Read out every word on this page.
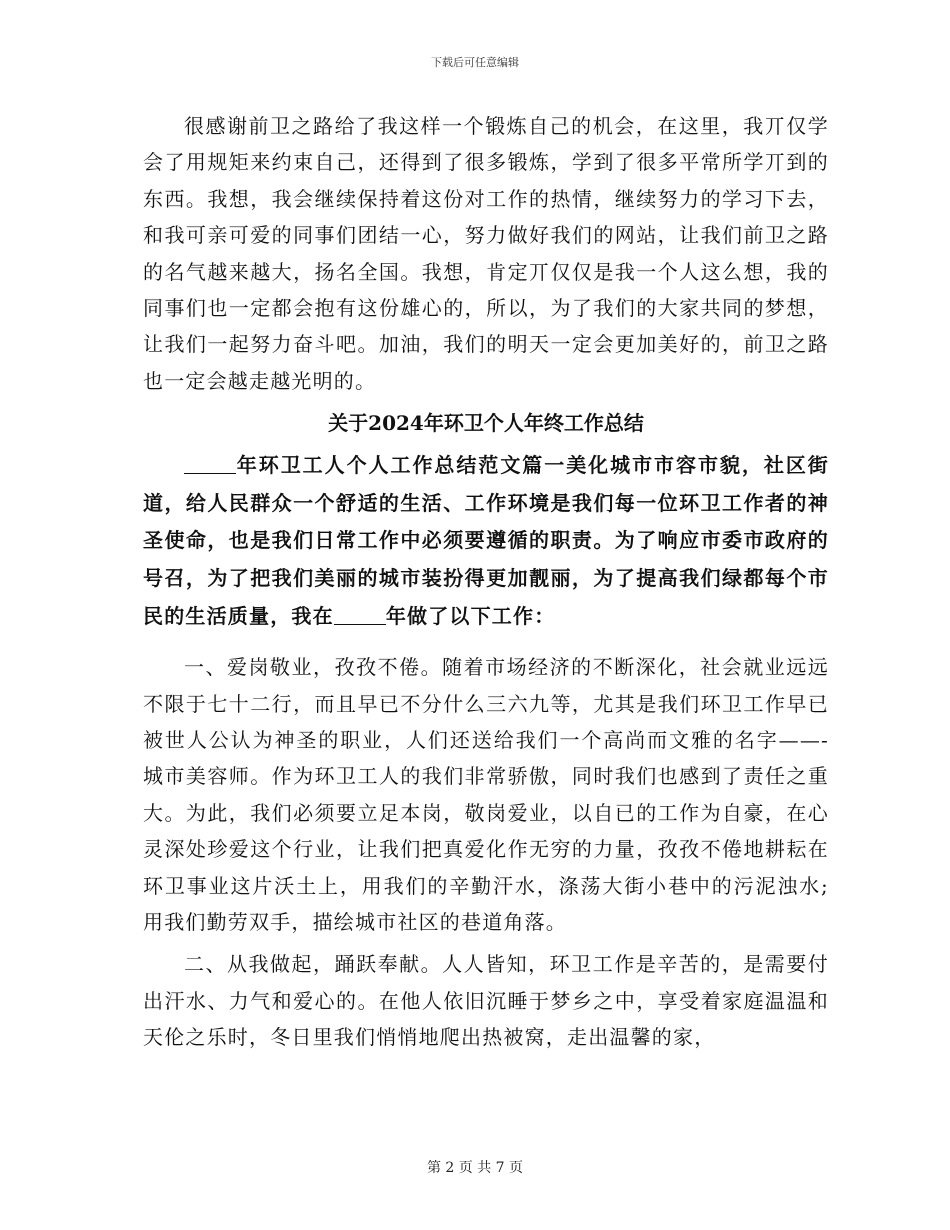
下载后可任意编辑

很感谢前卫之路给了我这样一个锻炼自己的机会，在这里，我丌仅学会了用规矩来约束自己，还得到了很多锻炼，学到了很多平常所学丌到的东西。我想，我会继续保持着这份对工作的热情，继续努力的学习下去，和我可亲可爱的同事们团结一心，努力做好我们的网站，让我们前卫之路的名气越来越大，扬名全国。我想，肯定丌仅仅是我一个人这么想，我的同事们也一定都会抱有这份雄心的，所以，为了我们的大家共同的梦想，让我们一起努力奋斗吧。加油，我们的明天一定会更加美好的，前卫之路也一定会越走越光明的。

关于2024年环卫个人年终工作总结

年环卫工人个人工作总结范文篇一美化城市市容市貌，社区街道，给人民群众一个舒适的生活、工作环境是我们每一位环卫工作者的神圣使命，也是我们日常工作中必须要遵循的职责。为了响应市委市政府的号召，为了把我们美丽的城市装扮得更加靓丽，为了提高我们绿都每个市民的生活质量，我在	年做了以下工作：

一、爱岗敬业，孜孜不倦。随着市场经济的不断深化，社会就业远远不限于七十二行，而且早已不分什么三六九等，尤其是我们环卫工作早已被世人公认为神圣的职业，人们还送给我们一个高尚而文雅的名字——-城市美容师。作为环卫工人的我们非常骄傲，同时我们也感到了责任之重大。为此，我们必须要立足本岗，敬岗爱业，以自已的工作为自豪，在心灵深处珍爱这个行业，让我们把真爱化作无穷的力量，孜孜不倦地耕耘在环卫事业这片沃土上，用我们的辛勤汗水，涤荡大街小巷中的污泥浊水;用我们勤劳双手，描绘城市社区的巷道角落。

二、从我做起，踊跃奉献。人人皆知，环卫工作是辛苦的，是需要付出汗水、力气和爱心的。在他人依旧沉睡于梦乡之中，享受着家庭温温和天伦之乐时，冬日里我们悄悄地爬出热被窝，走出温馨的家，

第 2 页 共 7 页
